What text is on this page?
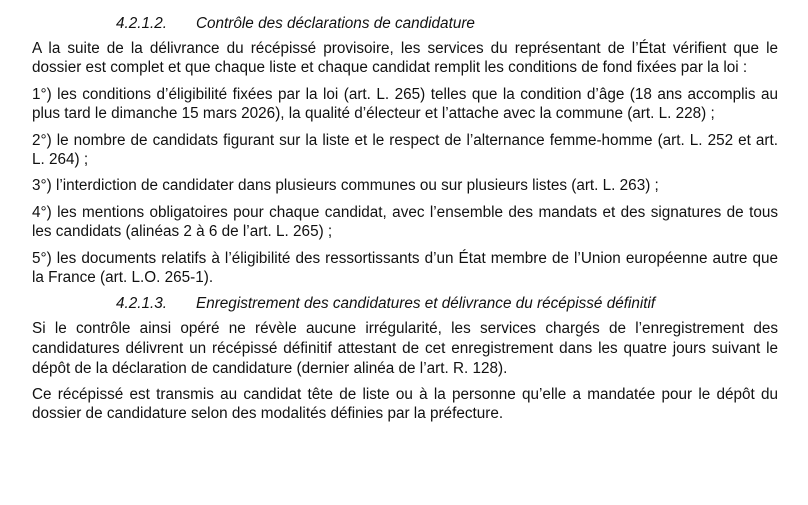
4.2.1.2. Contrôle des déclarations de candidature

A la suite de la délivrance du récépissé provisoire, les services du représentant de l’État vérifient que le dossier est complet et que chaque liste et chaque candidat remplit les conditions de fond fixées par la loi :

1°) les conditions d’éligibilité fixées par la loi (art. L. 265) telles que la condition d’âge (18 ans accomplis au plus tard le dimanche 15 mars 2026), la qualité d’électeur et l’attache avec la commune (art. L. 228) ;

2°) le nombre de candidats figurant sur la liste et le respect de l’alternance femme-homme (art. L. 252 et art. L. 264) ;

3°) l’interdiction de candidater dans plusieurs communes ou sur plusieurs listes (art. L. 263) ;

4°) les mentions obligatoires pour chaque candidat, avec l’ensemble des mandats et des signatures de tous les candidats (alinéas 2 à 6 de l’art. L. 265) ;

5°) les documents relatifs à l’éligibilité des ressortissants d’un État membre de l’Union européenne autre que la France (art. L.O. 265-1).

4.2.1.3. Enregistrement des candidatures et délivrance du récépissé définitif

Si le contrôle ainsi opéré ne révèle aucune irrégularité, les services chargés de l’enregistrement des candidatures délivrent un récépissé définitif attestant de cet enregistrement dans les quatre jours suivant le dépôt de la déclaration de candidature (dernier alinéa de l’art. R. 128).

Ce récépissé est transmis au candidat tête de liste ou à la personne qu’elle a mandatée pour le dépôt du dossier de candidature selon des modalités définies par la préfecture.
